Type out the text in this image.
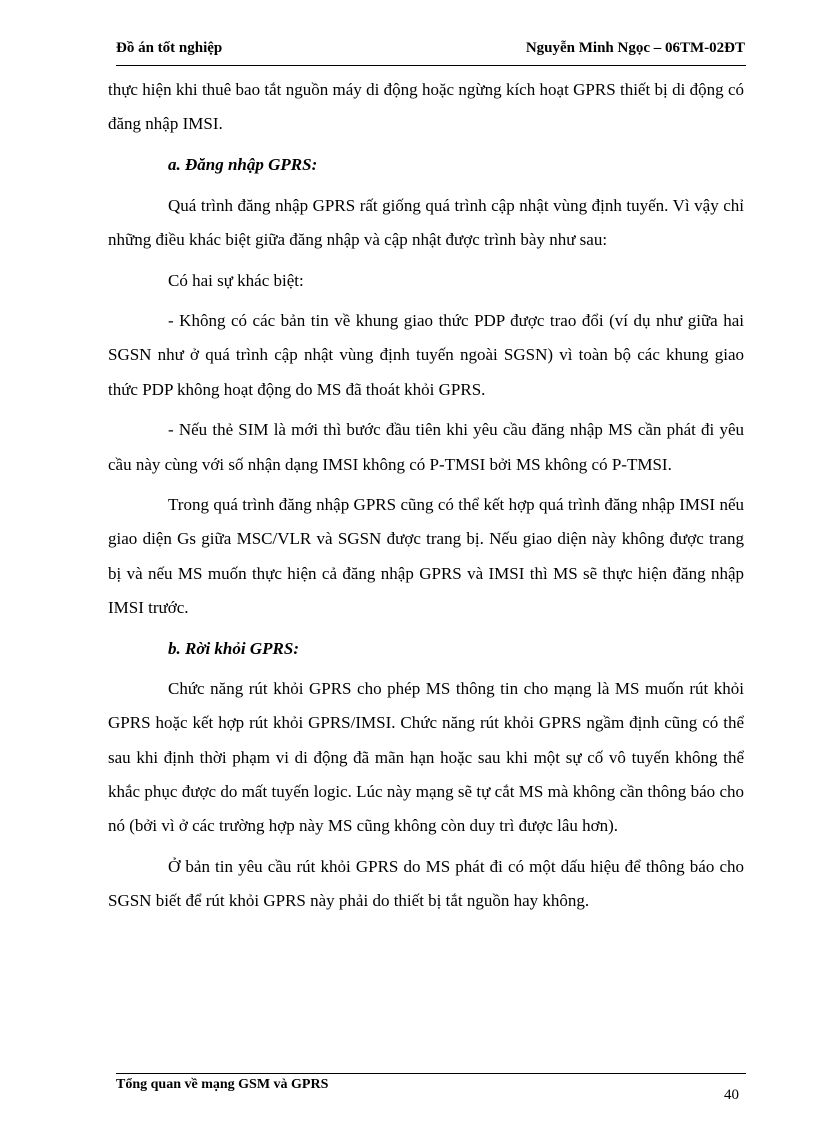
Đồ án tốt nghiệp	Nguyễn Minh Ngọc – 06TM-02ĐT

thực hiện khi thuê bao tắt nguồn máy di động hoặc ngừng kích hoạt GPRS thiết bị di động có đăng nhập IMSI.

a. Đăng nhập GPRS:

Quá trình đăng nhập GPRS rất giống quá trình cập nhật vùng định tuyến. Vì vậy chỉ những điều khác biệt giữa đăng nhập và cập nhật được trình bày như sau:

Có hai sự khác biệt:

- Không có các bản tin về khung giao thức PDP được trao đổi (ví dụ như giữa hai SGSN như ở quá trình cập nhật vùng định tuyến ngoài SGSN) vì toàn bộ các khung giao thức PDP không hoạt động do MS đã thoát khỏi GPRS.

- Nếu thẻ SIM là mới thì bước đầu tiên khi yêu cầu đăng nhập MS cần phát đi yêu cầu này cùng với số nhận dạng IMSI không có P-TMSI bởi MS không có P-TMSI.

Trong quá trình đăng nhập GPRS cũng có thể kết hợp quá trình đăng nhập IMSI nếu giao diện Gs giữa MSC/VLR và SGSN được trang bị. Nếu giao diện này không được trang bị và nếu MS muốn thực hiện cả đăng nhập GPRS và IMSI thì MS sẽ thực hiện đăng nhập IMSI trước.

b. Rời khỏi GPRS:

Chức năng rút khỏi GPRS cho phép MS thông tin cho mạng là MS muốn rút khỏi GPRS hoặc kết hợp rút khỏi GPRS/IMSI. Chức năng rút khỏi GPRS ngầm định cũng có thể sau khi định thời phạm vi di động đã mãn hạn hoặc sau khi một sự cố vô tuyến không thể khắc phục được do mất tuyến logic. Lúc này mạng sẽ tự cắt MS mà không cần thông báo cho nó (bởi vì ở các trường hợp này MS cũng không còn duy trì được lâu hơn).

Ở bản tin yêu cầu rút khỏi GPRS do MS phát đi có một dấu hiệu để thông báo cho SGSN biết để rút khỏi GPRS này phải do thiết bị tắt nguồn hay không.

Tổng quan về mạng GSM và GPRS
40
